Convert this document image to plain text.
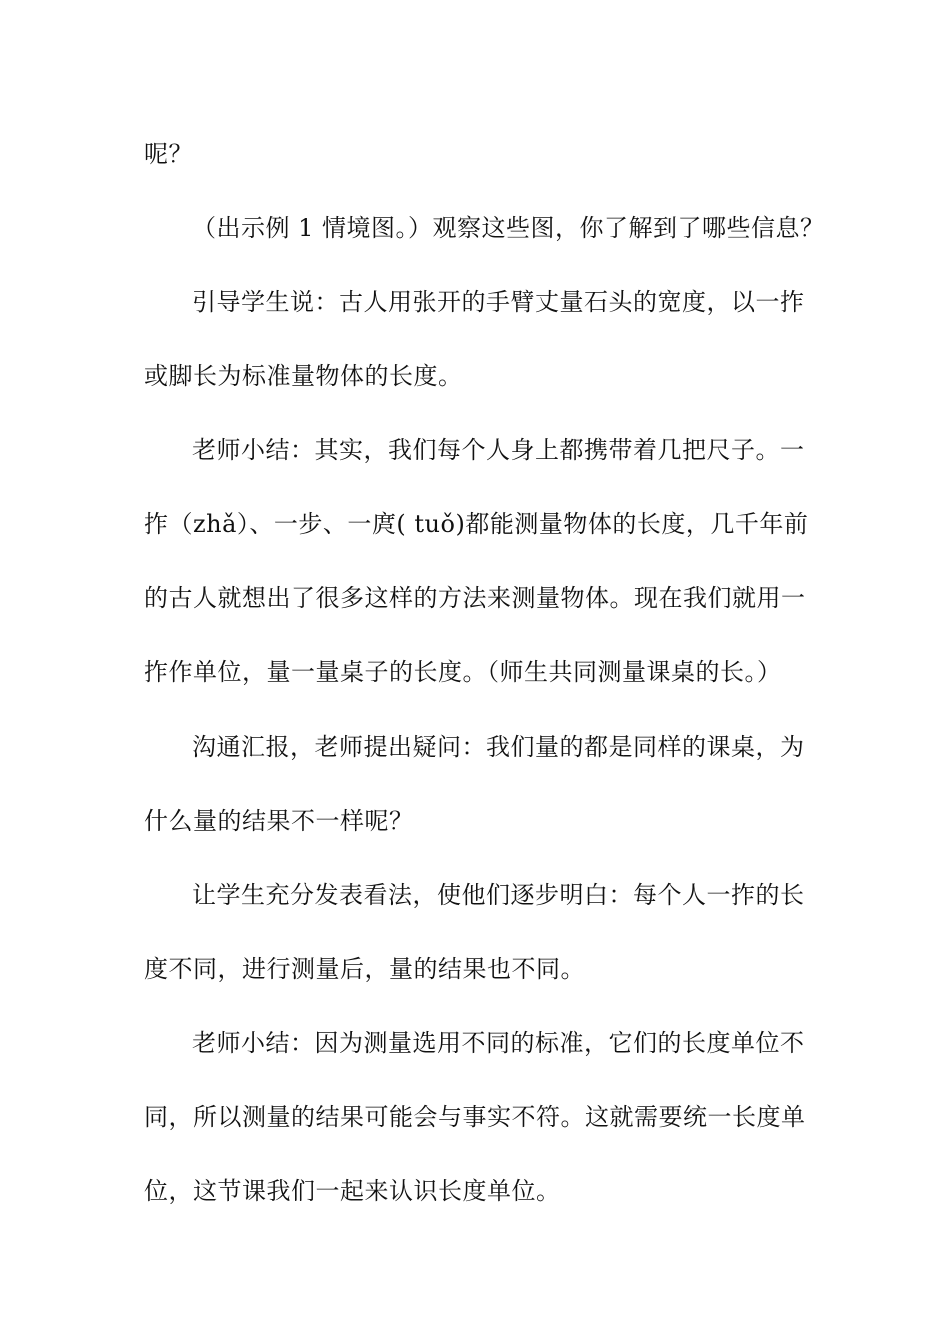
呢？
（出示例 1 情境图。）观察这些图，你了解到了哪些信息？
引导学生说：古人用张开的手臂丈量石头的宽度，以一拃
或脚长为标准量物体的长度。
老师小结：其实，我们每个人身上都携带着几把尺子。一
拃（zhǎ）、一步、一庹( tuǒ)都能测量物体的长度，几千年前
的古人就想出了很多这样的方法来测量物体。现在我们就用一
拃作单位，量一量桌子的长度。（师生共同测量课桌的长。）
沟通汇报，老师提出疑问：我们量的都是同样的课桌，为
什么量的结果不一样呢？
让学生充分发表看法，使他们逐步明白：每个人一拃的长
度不同，进行测量后，量的结果也不同。
老师小结：因为测量选用不同的标准，它们的长度单位不
同，所以测量的结果可能会与事实不符。这就需要统一长度单
位，这节课我们一起来认识长度单位。
